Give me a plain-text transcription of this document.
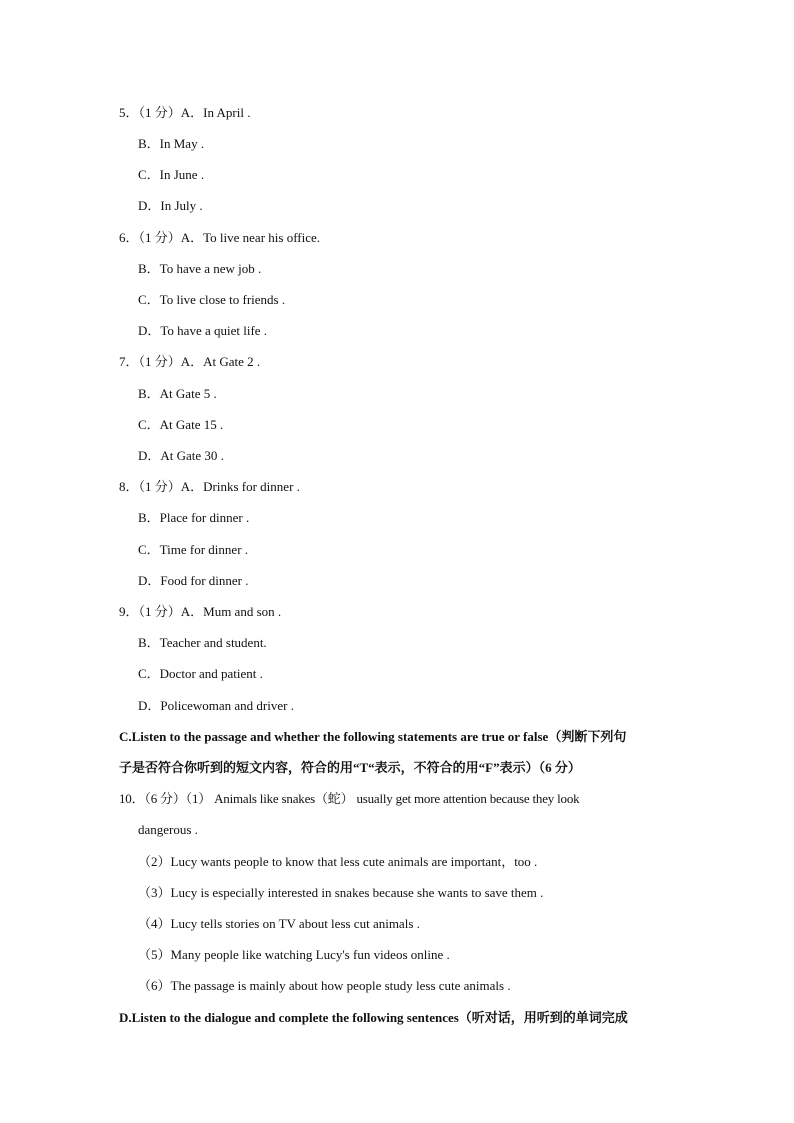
5．（1 分）A．In April .
B．In May .
C．In June .
D．In July .
6．（1 分）A．To live near his office.
B．To have a new job .
C．To live close to friends .
D．To have a quiet life .
7．（1 分）A．At Gate 2 .
B．At Gate 5 .
C．At Gate 15 .
D．At Gate 30 .
8．（1 分）A．Drinks for dinner .
B．Place for dinner .
C．Time for dinner .
D．Food for dinner .
9．（1 分）A．Mum and son .
B．Teacher and student.
C．Doctor and patient .
D．Policewoman and driver .
C.Listen to the passage and whether the following statements are true or false（判断下列句
子是否符合你听到的短文内容，符合的用“T“表示，不符合的用“F”表示）（6 分）
10．（6 分）（1） Animals like snakes（蛇） usually get more attention because they look
dangerous .
（2）Lucy wants people to know that less cute animals are important，too .
（3）Lucy is especially interested in snakes because she wants to save them .
（4）Lucy tells stories on TV about less cut animals .
（5）Many people like watching Lucy's fun videos online .
（6）The passage is mainly about how people study less cute animals .
D.Listen to the dialogue and complete the following sentences（听对话，用听到的单词完成
